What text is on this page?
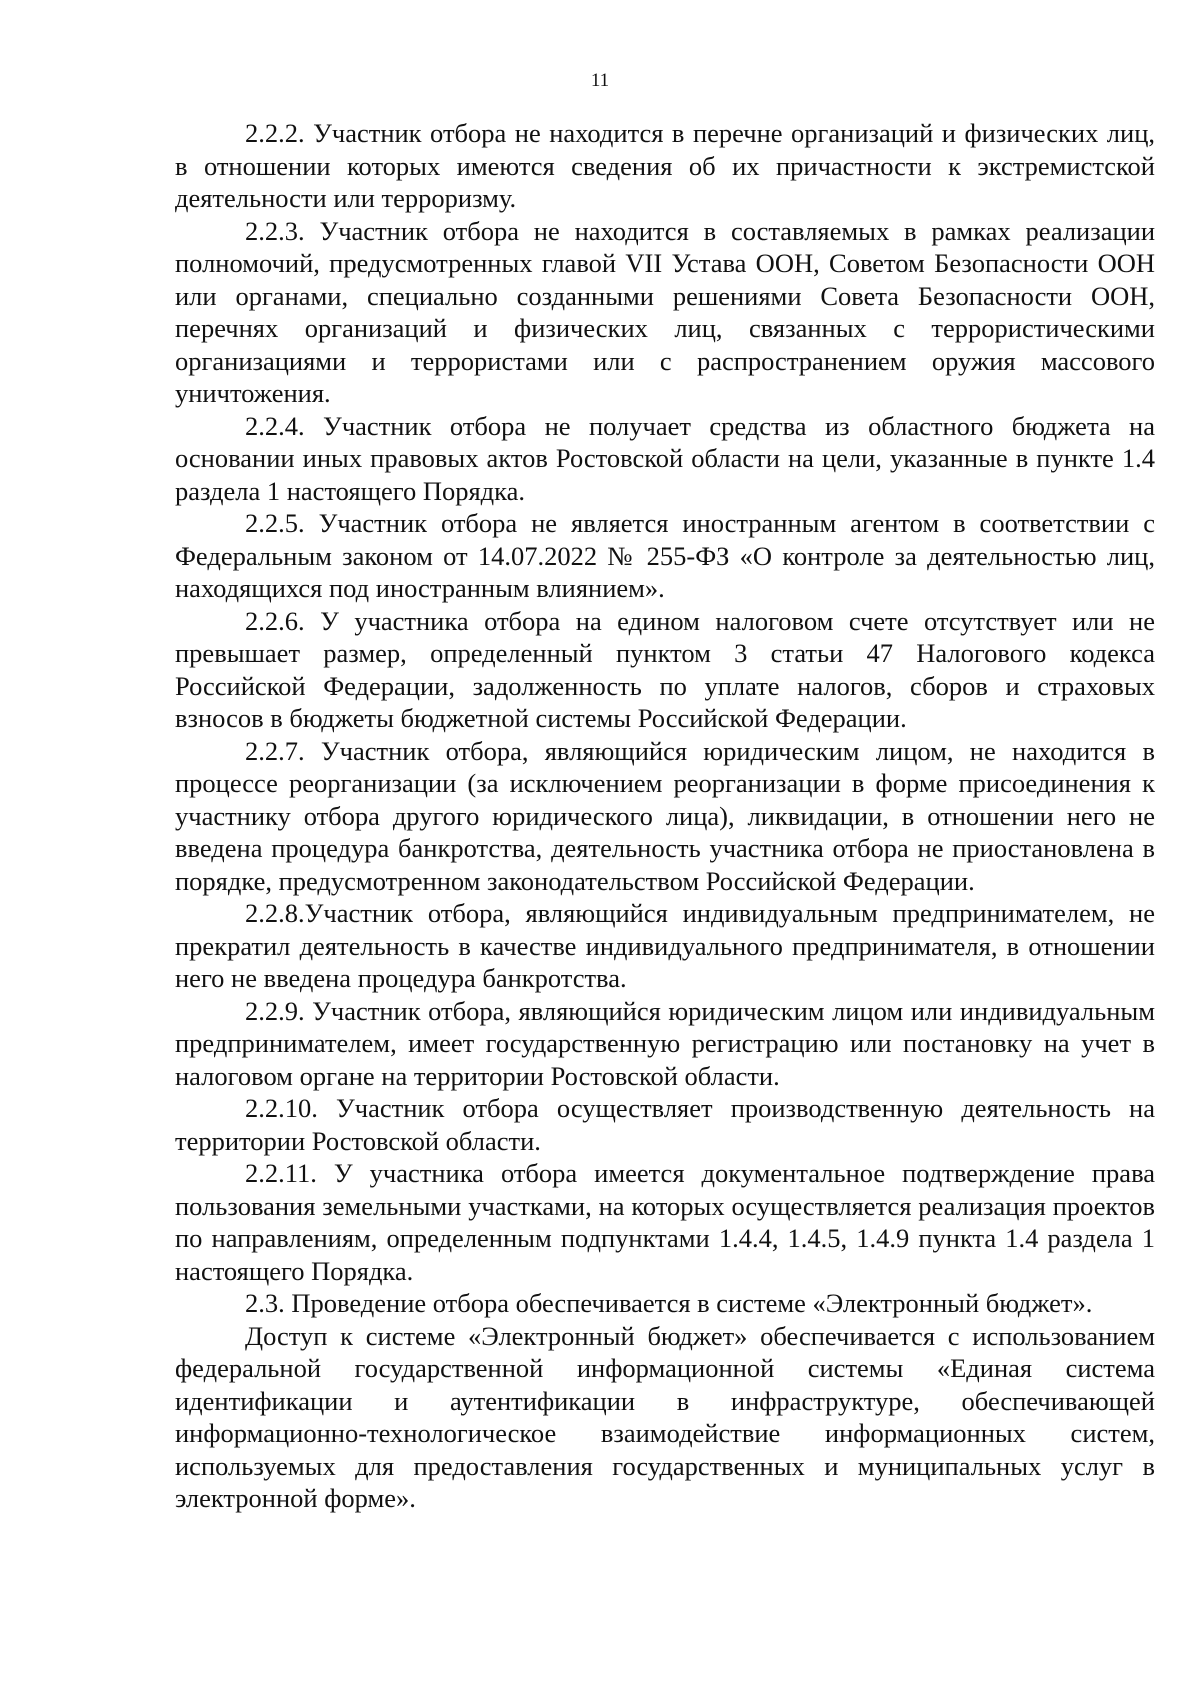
11

2.2.2. Участник отбора не находится в перечне организаций и физических лиц, в отношении которых имеются сведения об их причастности к экстремистской деятельности или терроризму.

2.2.3. Участник отбора не находится в составляемых в рамках реализации полномочий, предусмотренных главой VII Устава ООН, Советом Безопасности ООН или органами, специально созданными решениями Совета Безопасности ООН, перечнях организаций и физических лиц, связанных с террористическими организациями и террористами или с распространением оружия массового уничтожения.

2.2.4. Участник отбора не получает средства из областного бюджета на основании иных правовых актов Ростовской области на цели, указанные в пункте 1.4 раздела 1 настоящего Порядка.

2.2.5. Участник отбора не является иностранным агентом в соответствии с Федеральным законом от 14.07.2022 № 255-ФЗ «О контроле за деятельностью лиц, находящихся под иностранным влиянием».

2.2.6. У участника отбора на едином налоговом счете отсутствует или не превышает размер, определенный пунктом 3 статьи 47 Налогового кодекса Российской Федерации, задолженность по уплате налогов, сборов и страховых взносов в бюджеты бюджетной системы Российской Федерации.

2.2.7. Участник отбора, являющийся юридическим лицом, не находится в процессе реорганизации (за исключением реорганизации в форме присоединения к участнику отбора другого юридического лица), ликвидации, в отношении него не введена процедура банкротства, деятельность участника отбора не приостановлена в порядке, предусмотренном законодательством Российской Федерации.

2.2.8.Участник отбора, являющийся индивидуальным предпринимателем, не прекратил деятельность в качестве индивидуального предпринимателя, в отношении него не введена процедура банкротства.

2.2.9. Участник отбора, являющийся юридическим лицом или индивидуальным предпринимателем, имеет государственную регистрацию или постановку на учет в налоговом органе на территории Ростовской области.

2.2.10. Участник отбора осуществляет производственную деятельность на территории Ростовской области.

2.2.11. У участника отбора имеется документальное подтверждение права пользования земельными участками, на которых осуществляется реализация проектов по направлениям, определенным подпунктами 1.4.4, 1.4.5, 1.4.9 пункта 1.4 раздела 1 настоящего Порядка.

2.3. Проведение отбора обеспечивается в системе «Электронный бюджет».

Доступ к системе «Электронный бюджет» обеспечивается с использованием федеральной государственной информационной системы «Единая система идентификации и аутентификации в инфраструктуре, обеспечивающей информационно-технологическое взаимодействие информационных систем, используемых для предоставления государственных и муниципальных услуг в электронной форме».
